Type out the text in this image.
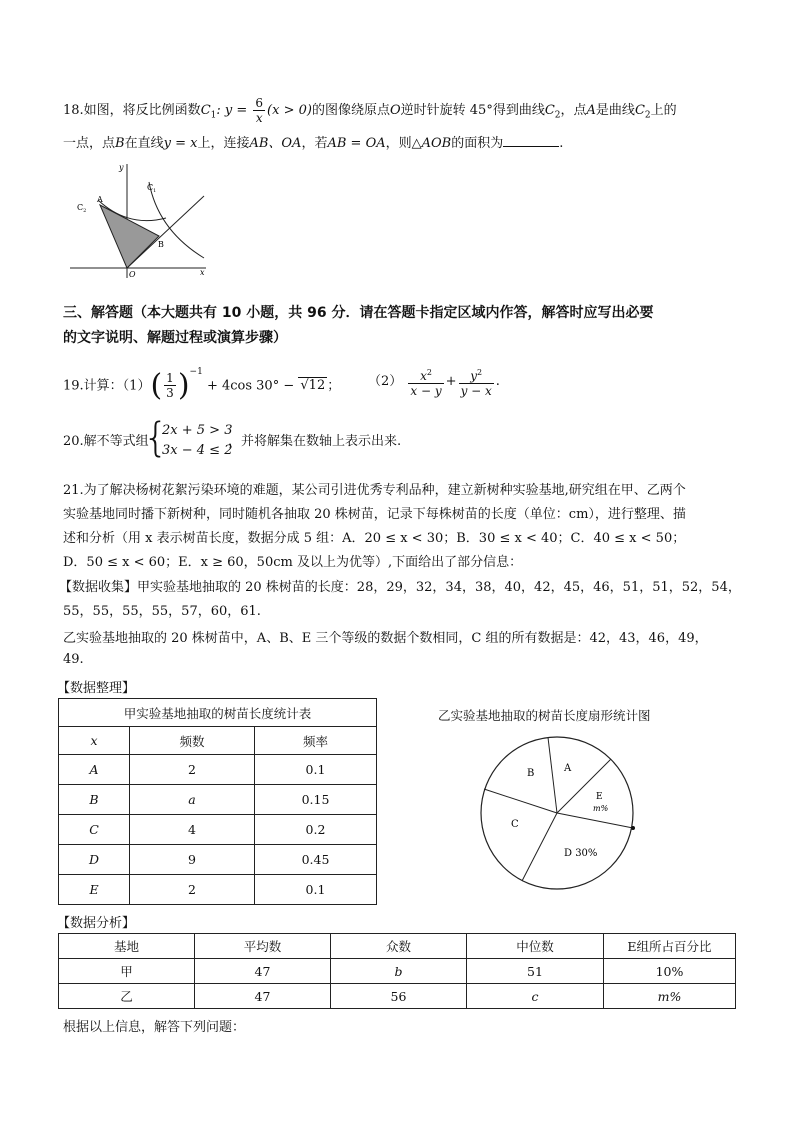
18.如图，将反比例函数$C_1$: $y = \frac{6}{x} (x > 0)$的图像绕原点O逆时针旋转 45°得到曲线$C_2$，点A是曲线$C_2$上的
一点，点B在直线y = x上，连接AB、OA，若AB = OA，则△AOB的面积为	.
y
x
O
A
B
$C_1$
$C_2$
三、解答题（本大题共有 10 小题，共 96 分．请在答题卡指定区域内作答，解答时应写出必要
的文字说明、解题过程或演算步骤）
19.计算：$(1)( \frac{1}{3} )^{-1} + 4\cos$ 30° − √12 ； $(2) \frac{x^2}{x - y} + \frac{y^2}{y - x}$ .
20.解不等式组
{
2x + 5 > 3
3x − 4 ≤ 2
，并将解集在数轴上表示出来.
21.为了解决杨树花絮污染环境的难题，某公司引进优秀专利品种，建立新树种实验基地,研究组在甲、乙两个
实验基地同时播下新树种，同时随机各抽取 20 株树苗，记录下每株树苗的长度（单位：cm），进行整理、描
述和分析（用 x 表示树苗长度，数据分成 5 组：A．20 ≤ x < 30；B．30 ≤ x < 40；C．40 ≤ x < 50；
D．50 ≤ x < 60；E．x ≥ 60，50cm 及以上为优等）,下面给出了部分信息：
【数据收集】甲实验基地抽取的 20 株树苗的长度：28，29，32，34，38，40，42，45，46，51，51，52，54，
55，55，55，55，57，60，61.
乙实验基地抽取的 20 株树苗中，A、B、E 三个等级的数据个数相同，C 组的所有数据是：42，43，46，49，
49.
【数据整理】
甲实验基地抽取的树苗长度统计表		
x	频数	频率
A	2	0.1
B	a	0.15
C	4	0.2
D	9	0.45
E	2	0.1
乙实验基地抽取的树苗长度扇形统计图
A
B
C
D 30%
E
m%
【数据分析】
基地	平均数	众数	中位数	E组所占百分比
甲	47	b	51	10%
乙	47	56	c	m%
根据以上信息，解答下列问题：
